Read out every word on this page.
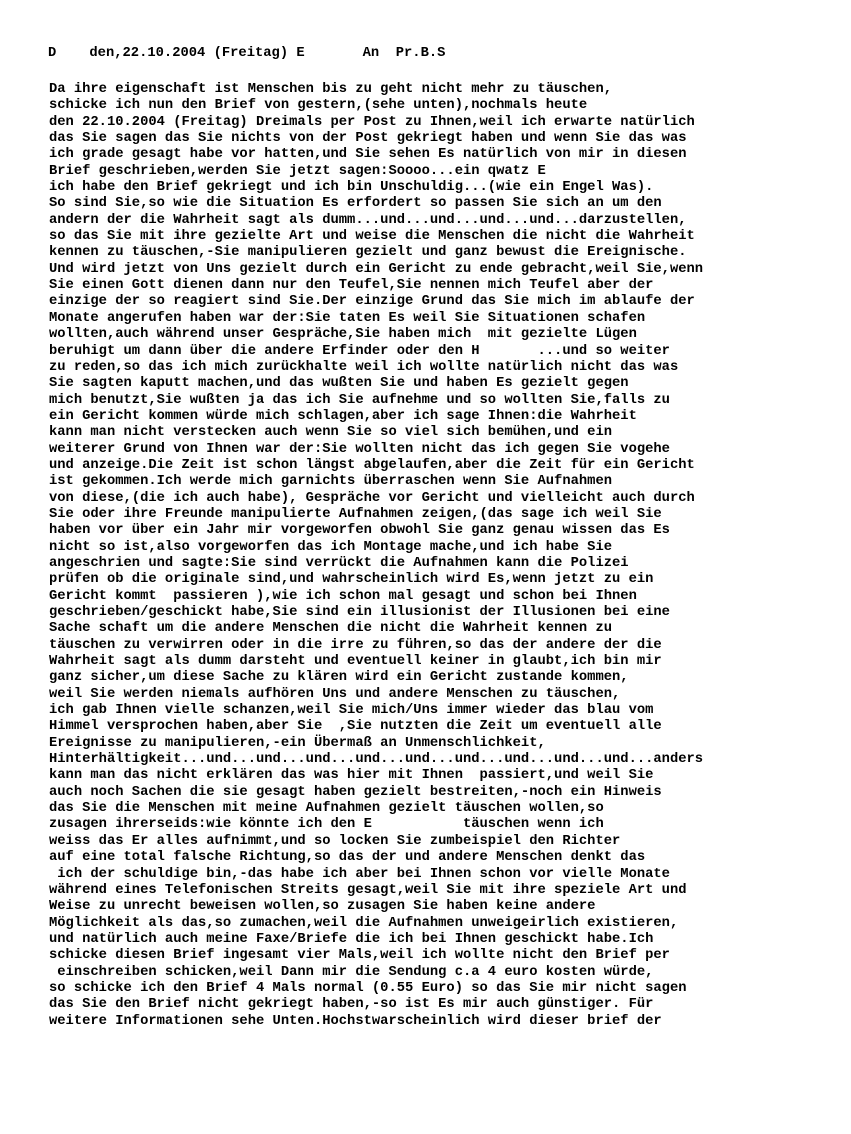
D    den,22.10.2004 (Freitag) E       An  Pr.B.S
Da ihre eigenschaft ist Menschen bis zu geht nicht mehr zu täuschen,
schicke ich nun den Brief von gestern,(sehe unten),nochmals heute
den 22.10.2004 (Freitag) Dreimals per Post zu Ihnen,weil ich erwarte natürlich
das Sie sagen das Sie nichts von der Post gekriegt haben und wenn Sie das was
ich grade gesagt habe vor hatten,und Sie sehen Es natürlich von mir in diesen
Brief geschrieben,werden Sie jetzt sagen:Soooo...ein qwatz E
ich habe den Brief gekriegt und ich bin Unschuldig...(wie ein Engel Was).
So sind Sie,so wie die Situation Es erfordert so passen Sie sich an um den
andern der die Wahrheit sagt als dumm...und...und...und...und...darzustellen,
so das Sie mit ihre gezielte Art und weise die Menschen die nicht die Wahrheit
kennen zu täuschen,-Sie manipulieren gezielt und ganz bewust die Ereignische.
Und wird jetzt von Uns gezielt durch ein Gericht zu ende gebracht,weil Sie,wenn
Sie einen Gott dienen dann nur den Teufel,Sie nennen mich Teufel aber der
einzige der so reagiert sind Sie.Der einzige Grund das Sie mich im ablaufe der
Monate angerufen haben war der:Sie taten Es weil Sie Situationen schafen
wollten,auch während unser Gespräche,Sie haben mich  mit gezielte Lügen
beruhigt um dann über die andere Erfinder oder den H       ...und so weiter
zu reden,so das ich mich zurückhalte weil ich wollte natürlich nicht das was
Sie sagten kaputt machen,und das wußten Sie und haben Es gezielt gegen
mich benutzt,Sie wußten ja das ich Sie aufnehme und so wollten Sie,falls zu
ein Gericht kommen würde mich schlagen,aber ich sage Ihnen:die Wahrheit
kann man nicht verstecken auch wenn Sie so viel sich bemühen,und ein
weiterer Grund von Ihnen war der:Sie wollten nicht das ich gegen Sie vogehe
und anzeige.Die Zeit ist schon längst abgelaufen,aber die Zeit für ein Gericht
ist gekommen.Ich werde mich garnichts überraschen wenn Sie Aufnahmen
von diese,(die ich auch habe), Gespräche vor Gericht und vielleicht auch durch
Sie oder ihre Freunde manipulierte Aufnahmen zeigen,(das sage ich weil Sie
haben vor über ein Jahr mir vorgeworfen obwohl Sie ganz genau wissen das Es
nicht so ist,also vorgeworfen das ich Montage mache,und ich habe Sie
angeschrien und sagte:Sie sind verrückt die Aufnahmen kann die Polizei
prüfen ob die originale sind,und wahrscheinlich wird Es,wenn jetzt zu ein
Gericht kommt  passieren ),wie ich schon mal gesagt und schon bei Ihnen
geschrieben/geschickt habe,Sie sind ein illusionist der Illusionen bei eine
Sache schaft um die andere Menschen die nicht die Wahrheit kennen zu
täuschen zu verwirren oder in die irre zu führen,so das der andere der die
Wahrheit sagt als dumm darsteht und eventuell keiner in glaubt,ich bin mir
ganz sicher,um diese Sache zu klären wird ein Gericht zustande kommen,
weil Sie werden niemals aufhören Uns und andere Menschen zu täuschen,
ich gab Ihnen vielle schanzen,weil Sie mich/Uns immer wieder das blau vom
Himmel versprochen haben,aber Sie  ,Sie nutzten die Zeit um eventuell alle
Ereignisse zu manipulieren,-ein Übermaß an Unmenschlichkeit,
Hinterhältigkeit...und...und...und...und...und...und...und...und...und...anders
kann man das nicht erklären das was hier mit Ihnen  passiert,und weil Sie
auch noch Sachen die sie gesagt haben gezielt bestreiten,-noch ein Hinweis
das Sie die Menschen mit meine Aufnahmen gezielt täuschen wollen,so
zusagen ihrerseids:wie könnte ich den E           täuschen wenn ich
weiss das Er alles aufnimmt,und so locken Sie zumbeispiel den Richter
auf eine total falsche Richtung,so das der und andere Menschen denkt das
ich der schuldige bin,-das habe ich aber bei Ihnen schon vor vielle Monate
während eines Telefonischen Streits gesagt,weil Sie mit ihre speziele Art und
Weise zu unrecht beweisen wollen,so zusagen Sie haben keine andere
Möglichkeit als das,so zumachen,weil die Aufnahmen unweigeirlich existieren,
und natürlich auch meine Faxe/Briefe die ich bei Ihnen geschickt habe.Ich
schicke diesen Brief ingesamt vier Mals,weil ich wollte nicht den Brief per
einschreiben schicken,weil Dann mir die Sendung c.a 4 euro kosten würde,
so schicke ich den Brief 4 Mals normal (0.55 Euro) so das Sie mir nicht sagen
das Sie den Brief nicht gekriegt haben,-so ist Es mir auch günstiger. Für
weitere Informationen sehe Unten.Hochstwarscheinlich wird dieser brief der
